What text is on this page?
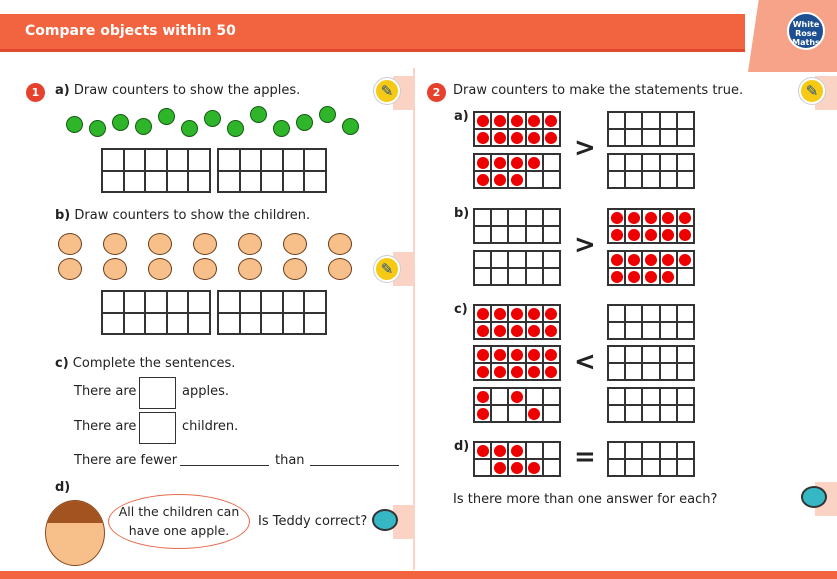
Compare objects within 50	White
Rose
Maths
1	a) Draw counters to show the apples.	✎
b) Draw counters to show the children.
✎
c) Complete the sentences.
There are	apples.
There are	children.
There are fewer	than
d)
All the children can have one apple.
Is Teddy correct?
2 Draw counters to make the statements true.	✎
Is there more than one answer for each?
a)
>
b)
>
c)
<
d)	=
